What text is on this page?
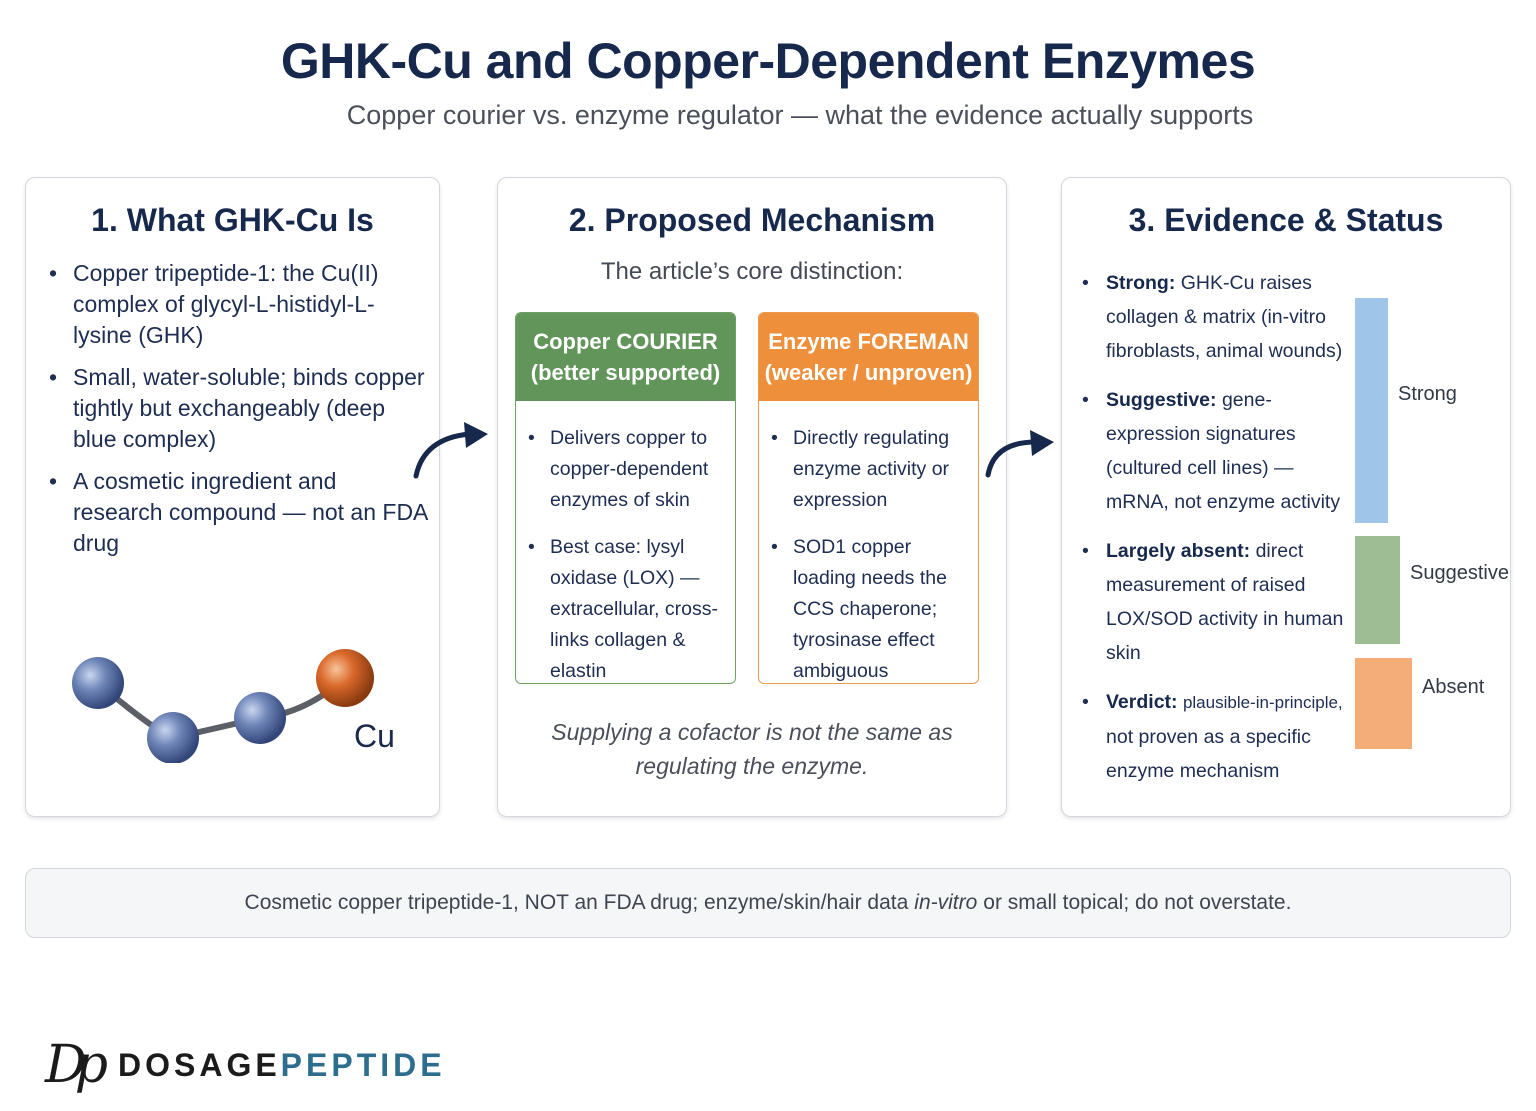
GHK-Cu and Copper-Dependent Enzymes
Copper courier vs. enzyme regulator — what the evidence actually supports
1. What GHK-Cu Is
• Copper tripeptide-1: the Cu(II) complex of glycyl-L-histidyl-L-lysine (GHK)
• Small, water-soluble; binds copper tightly but exchangeably (deep blue complex)
• A cosmetic ingredient and research compound — not an FDA drug
Cu
2. Proposed Mechanism
The article’s core distinction:
Copper COURIER
(better supported)
• Delivers copper to copper-dependent enzymes of skin
• Best case: lysyl oxidase (LOX) — extracellular, cross-links collagen & elastin
Enzyme FOREMAN
(weaker / unproven)
• Directly regulating enzyme activity or expression
• SOD1 copper loading needs the CCS chaperone; tyrosinase effect ambiguous
Supplying a cofactor is not the same as
regulating the enzyme.
3. Evidence & Status
• Strong: GHK-Cu raises collagen & matrix (in-vitro fibroblasts, animal wounds)
• Suggestive: gene-expression signatures (cultured cell lines) — mRNA, not enzyme activity
• Largely absent: direct measurement of raised LOX/SOD activity in human skin
• Verdict: plausible-in-principle, not proven as a specific enzyme mechanism
Strong
Suggestive
Absent
Cosmetic copper tripeptide-1, NOT an FDA drug; enzyme/skin/hair data in-vitro or small topical; do not overstate.
Dp DOSAGEPEPTIDE
